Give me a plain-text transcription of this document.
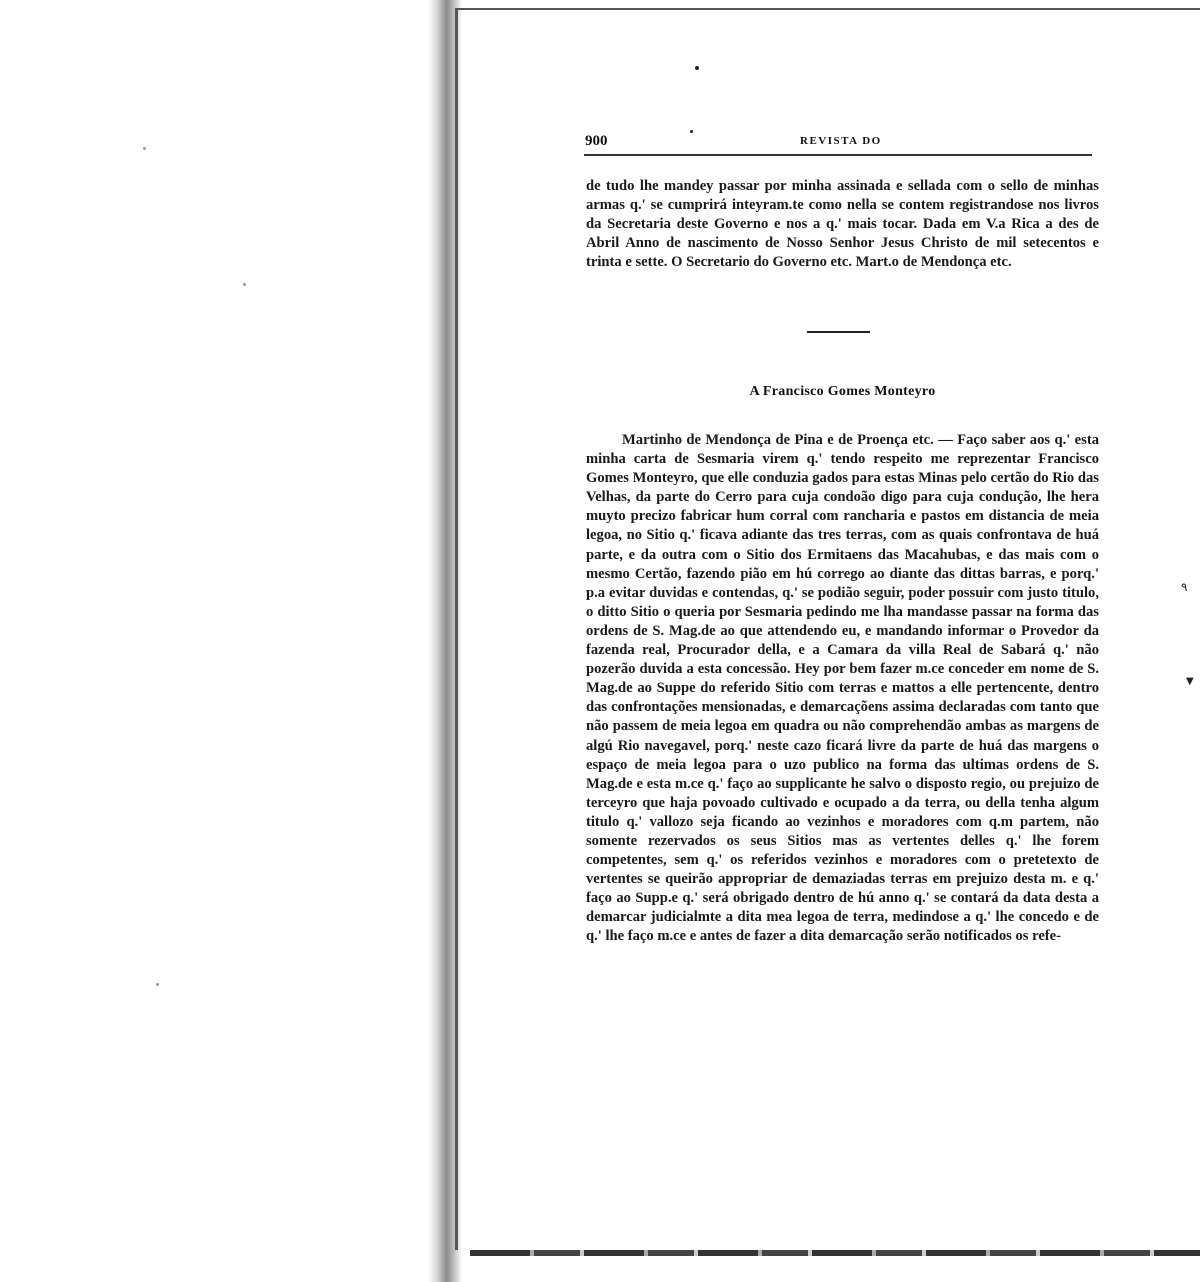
900	REVISTA DO

de tudo lhe mandey passar por minha assinada e sellada com o sello de minhas armas q.' se cumprirá inteyram.te como nella se contem registrandose nos livros da Secretaria deste Governo e nos a q.' mais tocar. Dada em V.a Rica a des de Abril Anno de nascimento de Nosso Senhor Jesus Christo de mil setecentos e trinta e sette. O Secretario do Governo etc. Mart.o de Mendonça etc.

A Francisco Gomes Monteyro

Martinho de Mendonça de Pina e de Proença etc. — Faço saber aos q.' esta minha carta de Sesmaria virem q.' tendo respeito me reprezentar Francisco Gomes Monteyro, que elle conduzia gados para estas Minas pelo certão do Rio das Velhas, da parte do Cerro para cuja condoão digo para cuja condução, lhe hera muyto precizo fabricar hum corral com rancharia e pastos em distancia de meia legoa, no Sitio q.' ficava adiante das tres terras, com as quais confrontava de huá parte, e da outra com o Sitio dos Ermitaens das Macahubas, e das mais com o mesmo Certão, fazendo pião em hú corrego ao diante das dittas barras, e porq.' p.a evitar duvidas e contendas, q.' se podião seguir, poder possuir com justo titulo, o ditto Sitio o queria por Sesmaria pedindo me lha mandasse passar na forma das ordens de S. Mag.de ao que attendendo eu, e mandando informar o Provedor da fazenda real, Procurador della, e a Camara da villa Real de Sabará q.' não pozerão duvida a esta concessão. Hey por bem fazer m.ce conceder em nome de S. Mag.de ao Suppe do referido Sitio com terras e mattos a elle pertencente, dentro das confrontações mensionadas, e demarcaçõens assima declaradas com tanto que não passem de meia legoa em quadra ou não comprehendão ambas as margens de algú Rio navegavel, porq.' neste cazo ficará livre da parte de huá das margens o espaço de meia legoa para o uzo publico na forma das ultimas ordens de S. Mag.de e esta m.ce q.' faço ao supplicante he salvo o disposto regio, ou prejuizo de terceyro que haja povoado cultivado e ocupado a da terra, ou della tenha algum titulo q.' vallozo seja ficando ao vezinhos e moradores com q.m partem, não somente rezervados os seus Sitios mas as vertentes delles q.' lhe forem competentes, sem q.' os referidos vezinhos e moradores com o pretetexto de vertentes se queirão appropriar de demaziadas terras em prejuizo desta m. e q.' faço ao Supp.e q.' será obrigado dentro de hú anno q.' se contará da data desta a demarcar judicialmte a dita mea legoa de terra, medindose a q.' lhe concedo e de q.' lhe faço m.ce e antes de fazer a dita demarcação serão notificados os refe-

٩
▼
